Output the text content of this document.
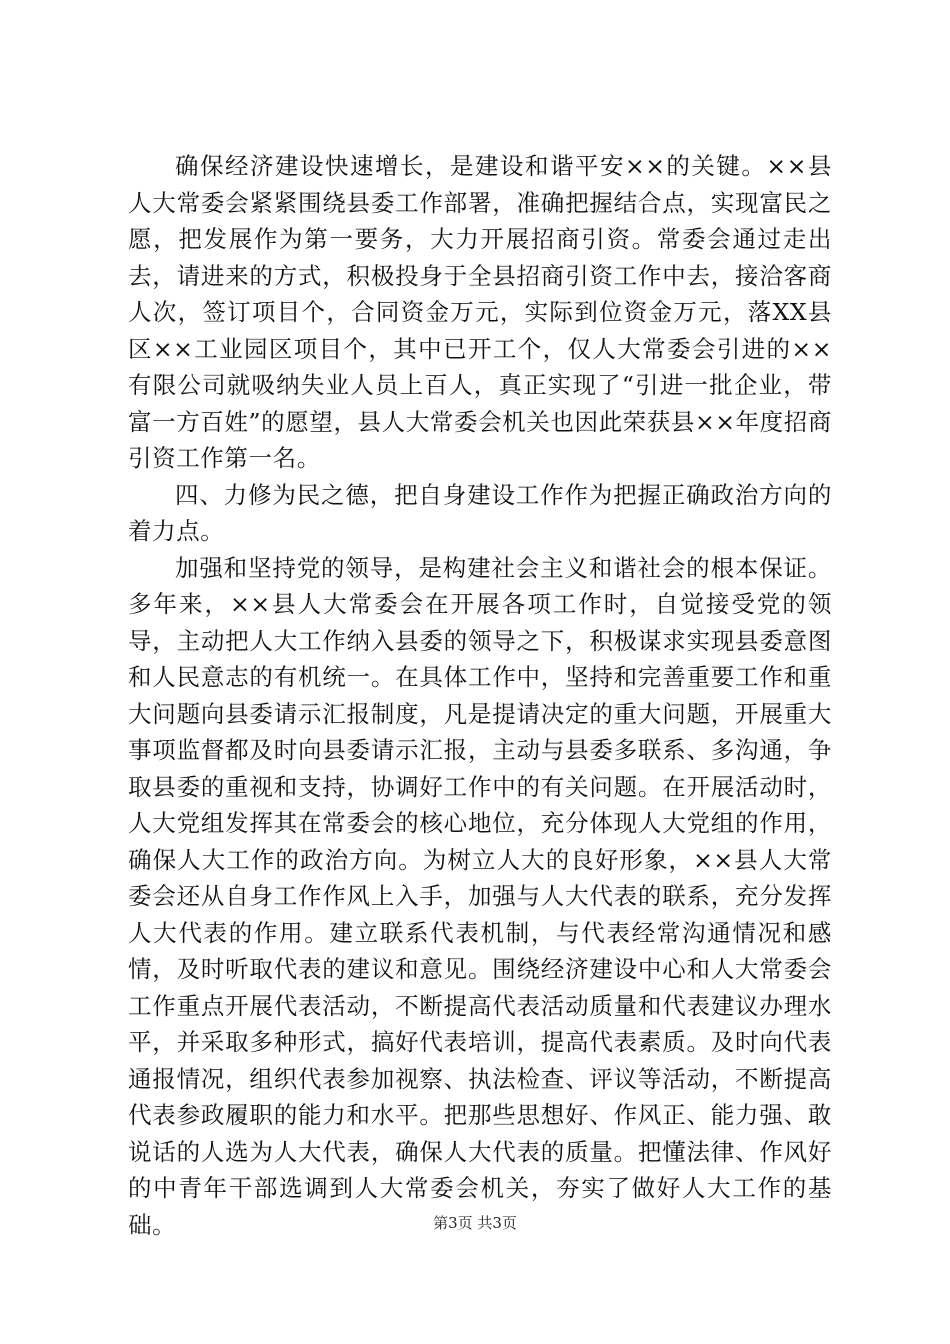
确保经济建设快速增长，是建设和谐平安××的关键。××县人大常委会紧紧围绕县委工作部署，准确把握结合点，实现富民之愿，把发展作为第一要务，大力开展招商引资。常委会通过走出去，请进来的方式，积极投身于全县招商引资工作中去，接洽客商人次，签订项目个，合同资金万元，实际到位资金万元，落XX县区××工业园区项目个，其中已开工个，仅人大常委会引进的××有限公司就吸纳失业人员上百人，真正实现了“引进一批企业，带富一方百姓”的愿望，县人大常委会机关也因此荣获县××年度招商引资工作第一名。

四、力修为民之德，把自身建设工作作为把握正确政治方向的着力点。

加强和坚持党的领导，是构建社会主义和谐社会的根本保证。多年来，××县人大常委会在开展各项工作时，自觉接受党的领导，主动把人大工作纳入县委的领导之下，积极谋求实现县委意图和人民意志的有机统一。在具体工作中，坚持和完善重要工作和重大问题向县委请示汇报制度，凡是提请决定的重大问题，开展重大事项监督都及时向县委请示汇报，主动与县委多联系、多沟通，争取县委的重视和支持，协调好工作中的有关问题。在开展活动时，人大党组发挥其在常委会的核心地位，充分体现人大党组的作用，确保人大工作的政治方向。为树立人大的良好形象，××县人大常委会还从自身工作作风上入手，加强与人大代表的联系，充分发挥人大代表的作用。建立联系代表机制，与代表经常沟通情况和感情，及时听取代表的建议和意见。围绕经济建设中心和人大常委会工作重点开展代表活动，不断提高代表活动质量和代表建议办理水平，并采取多种形式，搞好代表培训，提高代表素质。及时向代表通报情况，组织代表参加视察、执法检查、评议等活动，不断提高代表参政履职的能力和水平。把那些思想好、作风正、能力强、敢说话的人选为人大代表，确保人大代表的质量。把懂法律、作风好的中青年干部选调到人大常委会机关，夯实了做好人大工作的基础。	第3页 共3页
